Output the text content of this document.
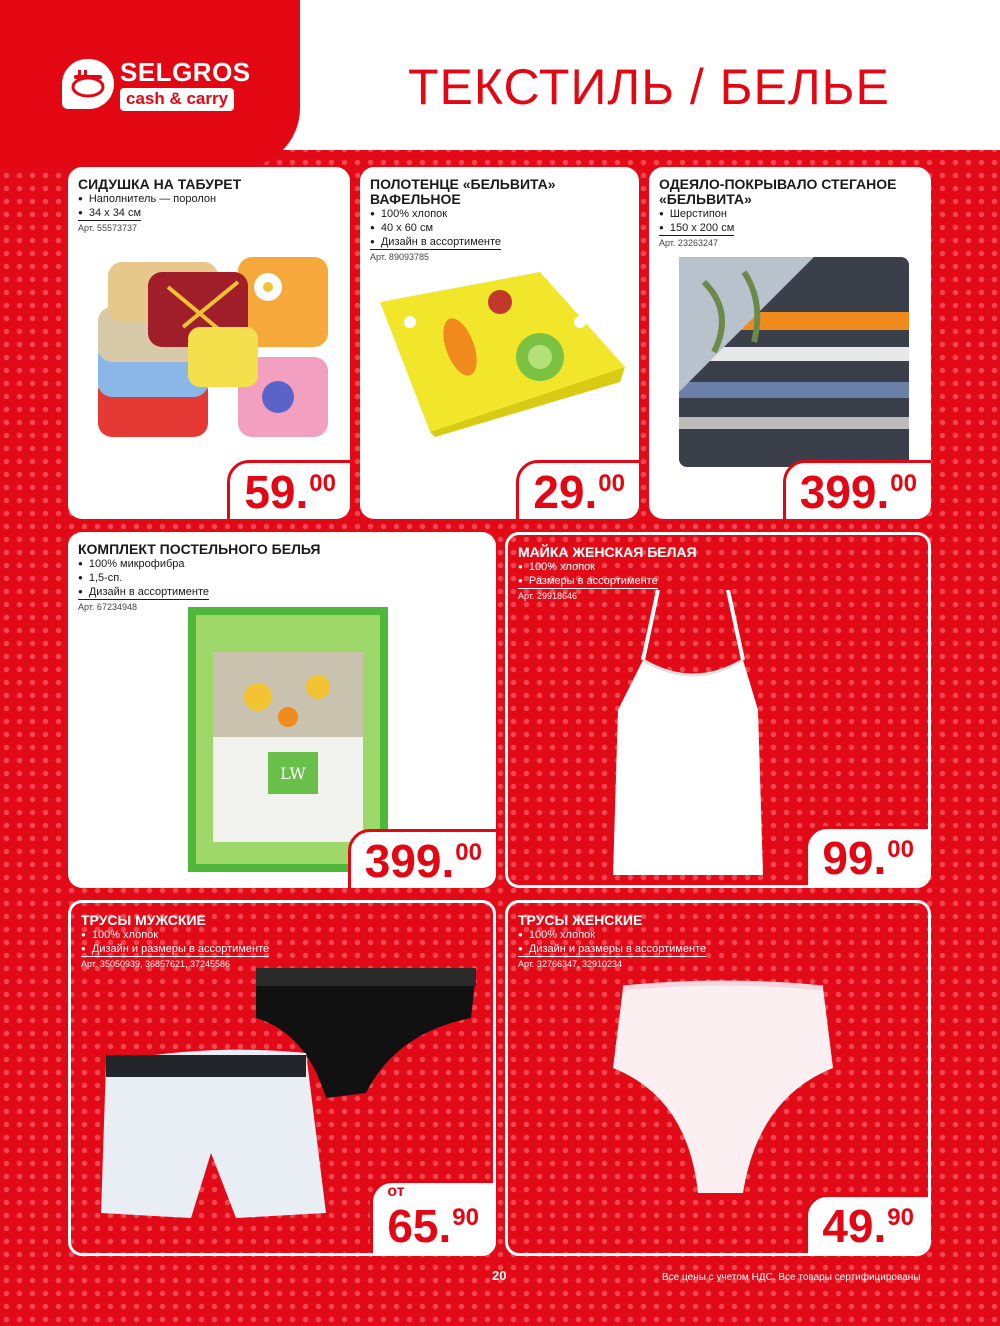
SELGROS
cash & carry	ТЕКСТИЛЬ / БЕЛЬЕ
СИДУШКА НА ТАБУРЕТ
● Наполнитель — поролон
● 34 x 34 см
Арт. 55573737
59 . 00
ПОЛОТЕНЦЕ «БЕЛЬВИТА» ВАФЕЛЬНОЕ
● 100% хлопок
● 40 x 60 см
● Дизайн в ассортименте
Арт. 89093785
29 . 00
ОДЕЯЛО-ПОКРЫВАЛО СТЕГАНОЕ «БЕЛЬВИТА»
● Шерстипон
● 150 x 200 см
Арт. 23263247
399 . 00
КОМПЛЕКТ ПОСТЕЛЬНОГО БЕЛЬЯ
● 100% микрофибра
● 1,5-сп.
● Дизайн в ассортименте
Арт. 67234948
LW
399 . 00
МАЙКА ЖЕНСКАЯ БЕЛАЯ
● 100% хлопок
● Размеры в ассортименте
Арт. 29918646
99 . 00
ТРУСЫ МУЖСКИЕ
● 100% хлопок
● Дизайн и размеры в ассортименте
Арт. 35050939, 36857621, 37245586
от
65 . 90
ТРУСЫ ЖЕНСКИЕ
● 100% хлопок
● Дизайн и размеры в ассортименте
Арт. 32766347, 32910234
49 . 90
20	Все цены с учетом НДС. Все товары сертифицированы
